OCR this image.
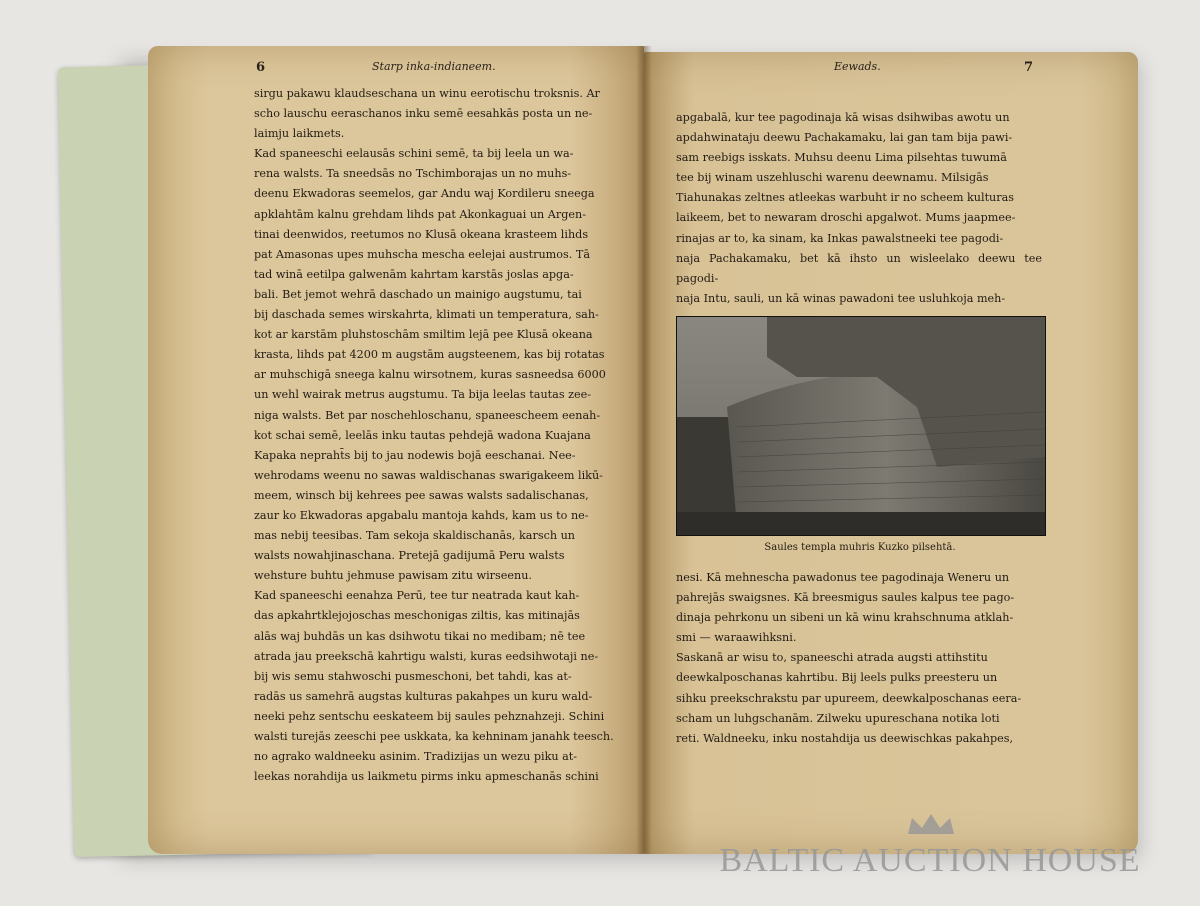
6	Starp inka-indianeem.

sirgu pakawu klaudseschana un winu eerotischu troksnis. Ar

scho lauschu eeraschanos inku semē eesahkās posta un ne-

laimju laikmets.

Kad spaneeschi eelausās schini semē, ta bij leela un wa-

rena walsts. Ta sneedsās no Tschimborajas un no muhs-

deenu Ekwadoras seemelos, gar Andu waj Kordileru sneega

apklahtām kalnu grehdam lihds pat Akonkaguai un Argen-

tinai deenwidos, reetumos no Klusā okeana krasteem lihds

pat Amasonas upes muhscha mescha eelejai austrumos. Tā

tad winā eetilpa galwenām kahrtam karstās joslas apga-

bali. Bet jemot wehrā daschado un mainigo augstumu, tai

bij daschada semes wirskahrta, klimati un temperatura, sah-

kot ar karstām pluhstoschām smiltim lejā pee Klusā okeana

krasta, lihds pat 4200 m augstām augsteenem, kas bij rotatas

ar muhschigā sneega kalnu wirsotnem, kuras sasneedsa 6000

un wehl wairak metrus augstumu. Ta bija leelas tautas zee-

niga walsts. Bet par noschehloschanu, spaneescheem eenah-

kot schai semē, leelās inku tautas pehdejā wadona Kuajana

Kapaka nepraht̄s bij to jau nodewis bojā eeschanai. Nee-

wehrodams weenu no sawas waldischanas swarigakeem likū-

meem, winsch bij kehrees pee sawas walsts sadalischanas,

zaur ko Ekwadoras apgabalu mantoja kahds, kam us to ne-

mas nebij teesibas. Tam sekoja skaldischanās, karsch un

walsts nowahjinaschana. Pretejā gadijumā Peru walsts

wehsture buhtu jehmuse pawisam zitu wirseenu.

Kad spaneeschi eenahza Perū, tee tur neatrada kaut kah-

das apkahrtklejojoschas meschonigas ziltis, kas mitinajās

alās waj buhdās un kas dsihwotu tikai no medibam; nē tee

atrada jau preekschā kahrtigu walsti, kuras eedsihwotaji ne-

bij wis semu stahwoschi pusmeschoni, bet tahdi, kas at-

radās us samehrā augstas kulturas pakahpes un kuru wald-

neeki pehz sentschu eeskateem bij saules pehznahzeji. Schini

walsti turejās zeeschi pee uskkata, ka kehninam janahk teesch.

no agrako waldneeku asinim. Tradizijas un wezu piku at-

leekas norahdija us laikmetu pirms inku apmeschanās schini

Eewads.	7

apgabalā, kur tee pagodinaja kā wisas dsihwibas awotu un

apdahwinataju deewu Pachakamaku, lai gan tam bija pawi-

sam reebigs isskats. Muhsu deenu Lima pilsehtas tuwumā

tee bij winam uszehluschi warenu deewnamu. Milsigās

Tiahunakas zeltnes atleekas warbuht ir no scheem kulturas

laikeem, bet to newaram droschi apgalwot. Mums jaapmee-

rinajas ar to, ka sinam, ka Inkas pawalstneeki tee pagodi-

naja Pachakamaku, bet kā ihsto un wisleelako deewu tee pagodi-

naja Intu, sauli, un kā winas pawadoni tee usluhkoja meh-

Saules templa muhris Kuzko pilsehtā.

nesi. Kā mehnescha pawadonus tee pagodinaja Weneru un

pahrejās swaigsnes. Kā breesmigus saules kalpus tee pago-

dinaja pehrkonu un sibeni un kā winu krahschnuma atklah-

smi — waraawihksni.

Saskanā ar wisu to, spaneeschi atrada augsti attihstitu

deewkalposchanas kahrtibu. Bij leels pulks preesteru un

sihku preekschrakstu par upureem, deewkalposchanas eera-

scham un luhgschanām. Zilweku upureschana notika loti

reti. Waldneeku, inku nostahdija us deewischkas pakahpes,

BALTIC AUCTION HOUSE
